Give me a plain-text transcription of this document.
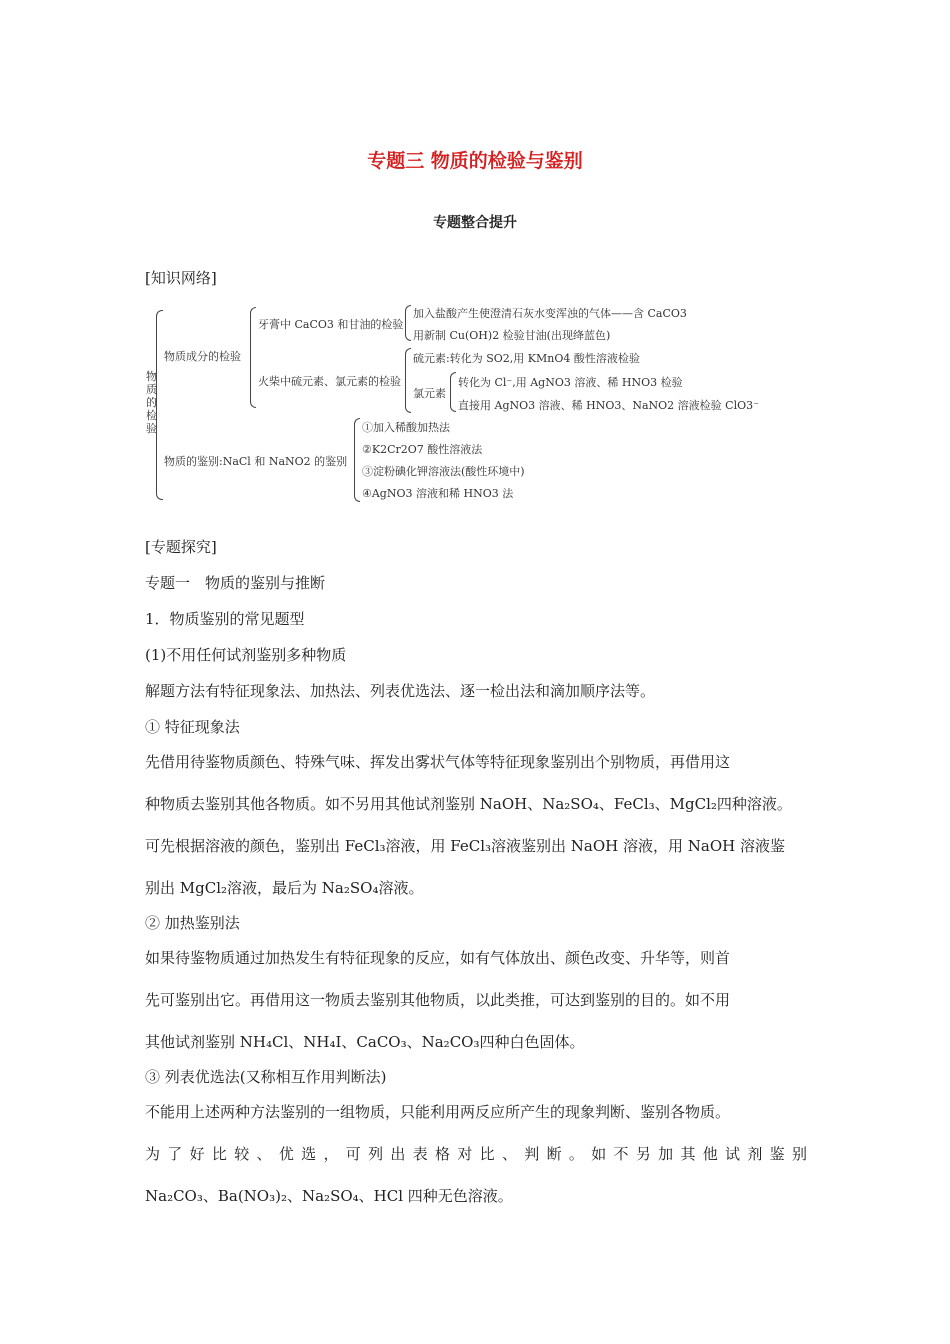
专题三 物质的检验与鉴别
专题整合提升
[知识网络]
物质的检验
物质成分的检验
牙膏中 CaCO3 和甘油的检验
加入盐酸产生使澄清石灰水变浑浊的气体——含 CaCO3
用新制 Cu(OH)2 检验甘油(出现绛蓝色)
火柴中硫元素、氯元素的检验
硫元素:转化为 SO2,用 KMnO4 酸性溶液检验
氯元素
转化为 Cl⁻,用 AgNO3 溶液、稀 HNO3 检验
直接用 AgNO3 溶液、稀 HNO3、NaNO2 溶液检验 ClO3⁻
物质的鉴别:NaCl 和 NaNO2 的鉴别
①加入稀酸加热法
②K2Cr2O7 酸性溶液法
③淀粉碘化钾溶液法(酸性环境中)
④AgNO3 溶液和稀 HNO3 法
[专题探究]
专题一　物质的鉴别与推断
1．物质鉴别的常见题型
(1)不用任何试剂鉴别多种物质
解题方法有特征现象法、加热法、列表优选法、逐一检出法和滴加顺序法等。
① 特征现象法
先借用待鉴物质颜色、特殊气味、挥发出雾状气体等特征现象鉴别出个别物质，再借用这
种物质去鉴别其他各物质。如不另用其他试剂鉴别 NaOH、Na₂SO₄、FeCl₃、MgCl₂四种溶液。
可先根据溶液的颜色，鉴别出 FeCl₃溶液，用 FeCl₃溶液鉴别出 NaOH 溶液，用 NaOH 溶液鉴
别出 MgCl₂溶液，最后为 Na₂SO₄溶液。
② 加热鉴别法
如果待鉴物质通过加热发生有特征现象的反应，如有气体放出、颜色改变、升华等，则首
先可鉴别出它。再借用这一物质去鉴别其他物质，以此类推，可达到鉴别的目的。如不用
其他试剂鉴别 NH₄Cl、NH₄I、CaCO₃、Na₂CO₃四种白色固体。
③ 列表优选法(又称相互作用判断法)
不能用上述两种方法鉴别的一组物质，只能利用两反应所产生的现象判断、鉴别各物质。
为了好比较、优选，可列出表格对比、判断。如不另加其他试剂鉴别
Na₂CO₃、Ba(NO₃)₂、Na₂SO₄、HCl 四种无色溶液。
